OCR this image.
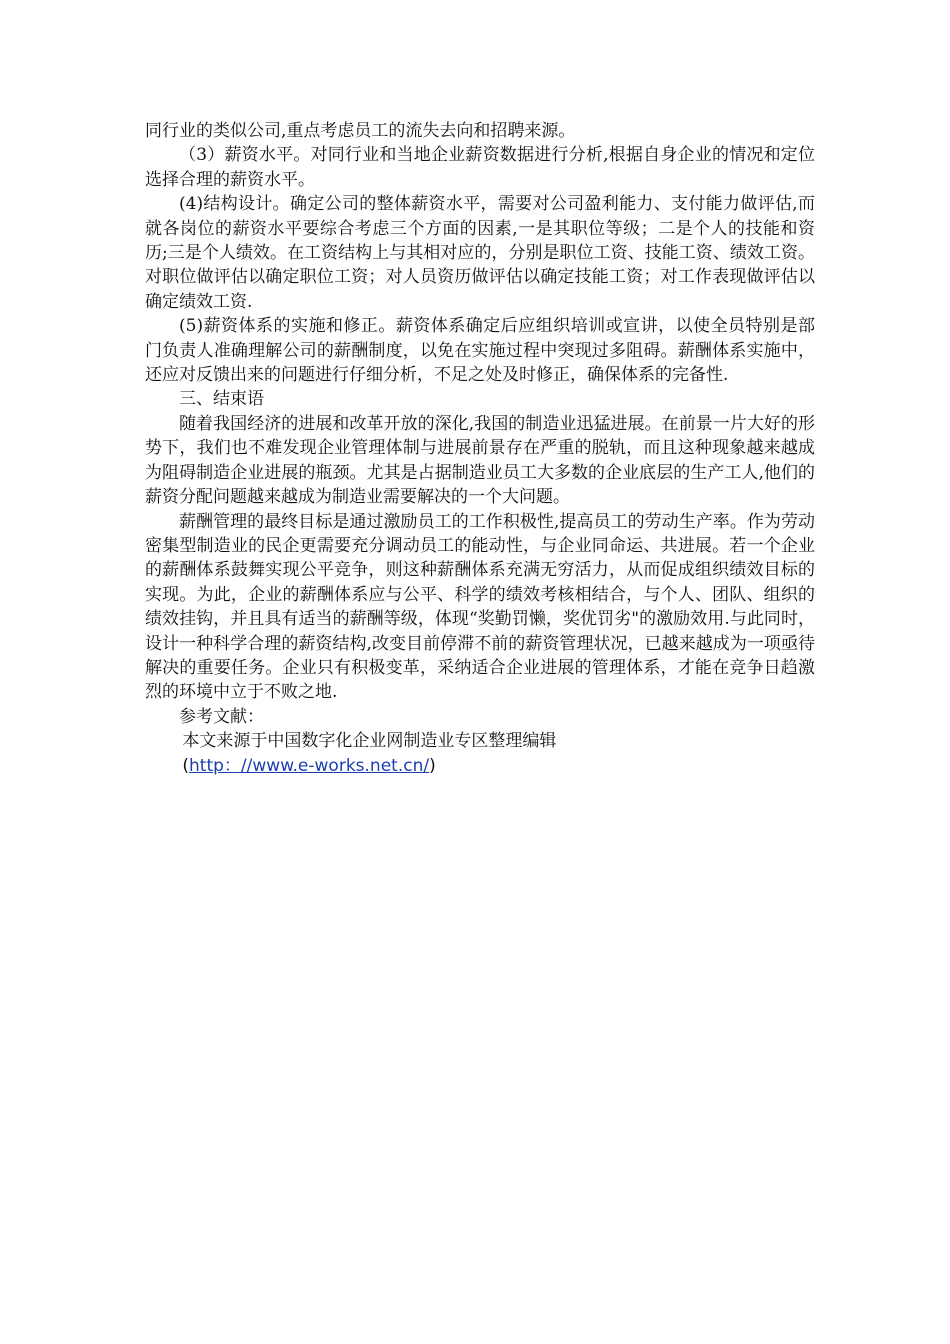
同行业的类似公司,重点考虑员工的流失去向和招聘来源。

（3）薪资水平。对同行业和当地企业薪资数据进行分析,根据自身企业的情况和定位选择合理的薪资水平。

(4)结构设计。确定公司的整体薪资水平，需要对公司盈利能力、支付能力做评估,而就各岗位的薪资水平要综合考虑三个方面的因素,一是其职位等级；二是个人的技能和资历;三是个人绩效。在工资结构上与其相对应的，分别是职位工资、技能工资、绩效工资。对职位做评估以确定职位工资；对人员资历做评估以确定技能工资；对工作表现做评估以确定绩效工资.

(5)薪资体系的实施和修正。薪资体系确定后应组织培训或宣讲，以使全员特别是部门负责人准确理解公司的薪酬制度，以免在实施过程中突现过多阻碍。薪酬体系实施中，还应对反馈出来的问题进行仔细分析，不足之处及时修正，确保体系的完备性.

三、结束语

随着我国经济的进展和改革开放的深化,我国的制造业迅猛进展。在前景一片大好的形势下，我们也不难发现企业管理体制与进展前景存在严重的脱轨，而且这种现象越来越成为阻碍制造企业进展的瓶颈。尤其是占据制造业员工大多数的企业底层的生产工人,他们的薪资分配问题越来越成为制造业需要解决的一个大问题。

薪酬管理的最终目标是通过激励员工的工作积极性,提高员工的劳动生产率。作为劳动密集型制造业的民企更需要充分调动员工的能动性，与企业同命运、共进展。若一个企业的薪酬体系鼓舞实现公平竞争，则这种薪酬体系充满无穷活力，从而促成组织绩效目标的实现。为此，企业的薪酬体系应与公平、科学的绩效考核相结合，与个人、团队、组织的绩效挂钩，并且具有适当的薪酬等级，体现“奖勤罚懒，奖优罚劣"的激励效用.与此同时，设计一种科学合理的薪资结构,改变目前停滞不前的薪资管理状况，已越来越成为一项亟待解决的重要任务。企业只有积极变革，采纳适合企业进展的管理体系，才能在竞争日趋激烈的环境中立于不败之地.

参考文献：

本文来源于中国数字化企业网制造业专区整理编辑

(http：//www.e-works.net.cn/)
